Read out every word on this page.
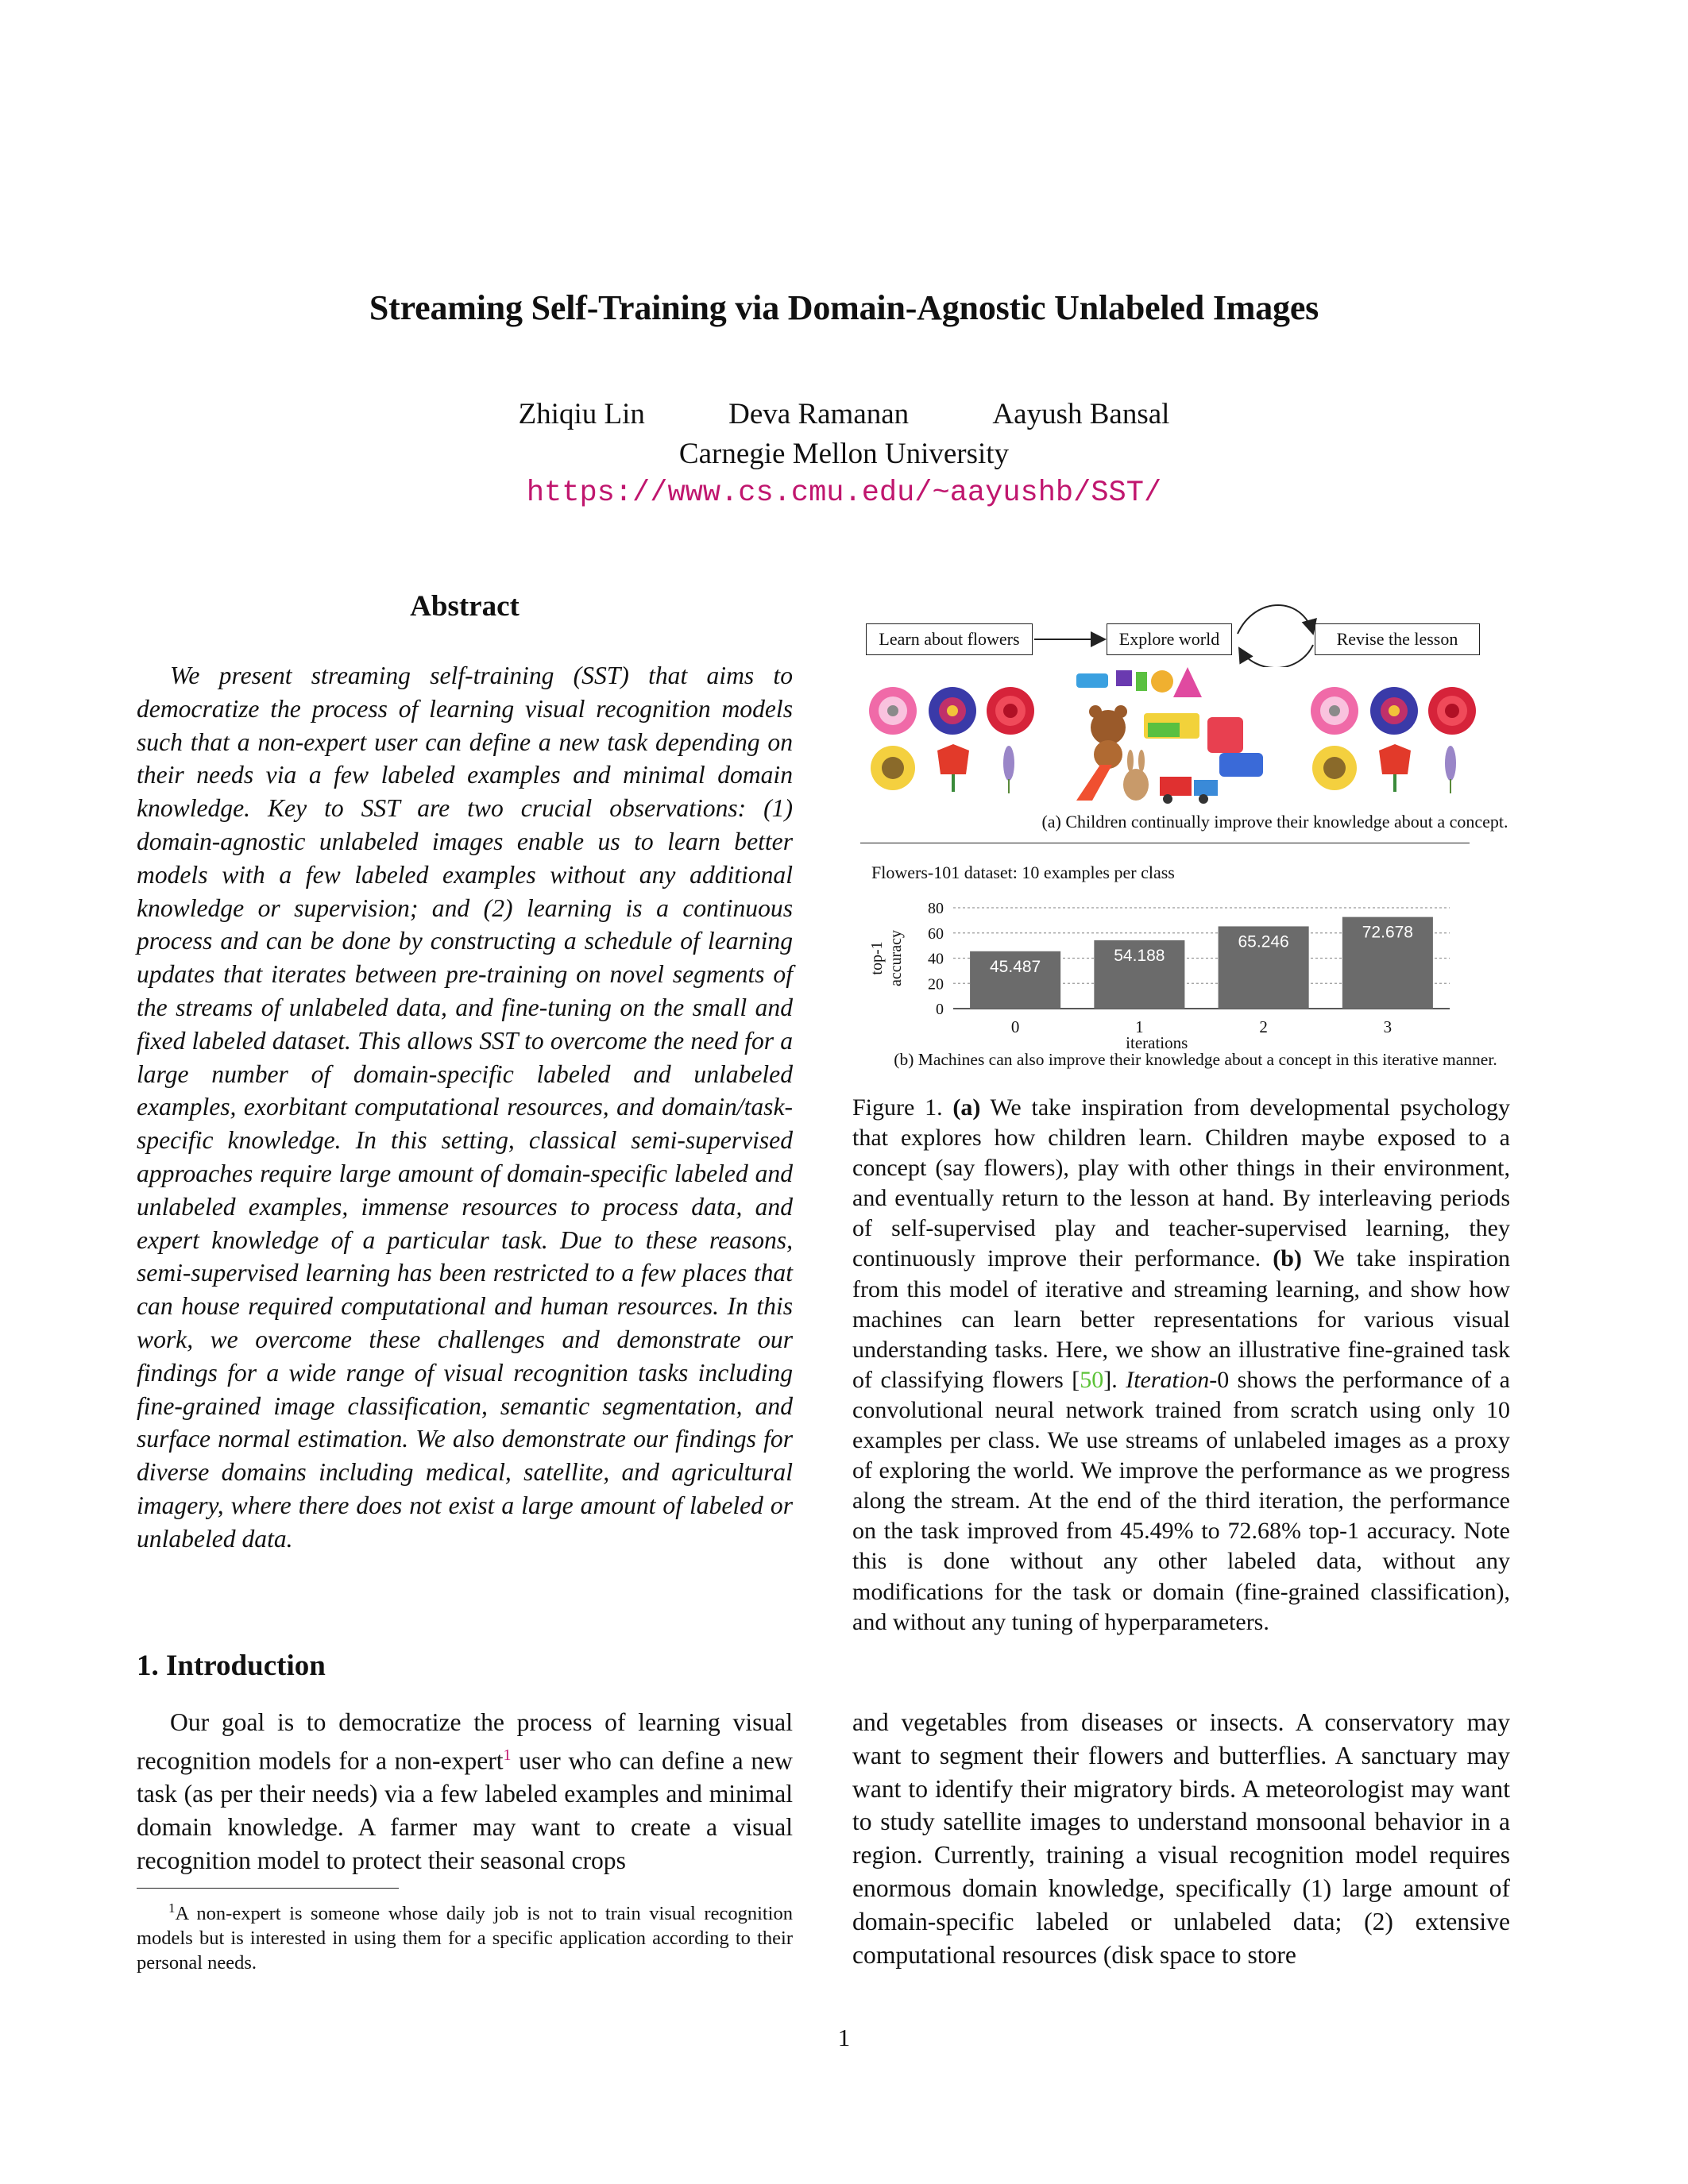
Streaming Self-Training via Domain-Agnostic Unlabeled Images
Zhiqiu Lin	Deva Ramanan	Aayush Bansal
Carnegie Mellon University
https://www.cs.cmu.edu/~aayushb/SST/
Abstract

We present streaming self-training (SST) that aims to democratize the process of learning visual recognition models such that a non-expert user can define a new task depending on their needs via a few labeled examples and minimal domain knowledge. Key to SST are two crucial observations: (1) domain-agnostic unlabeled images enable us to learn better models with a few labeled examples without any additional knowledge or supervision; and (2) learning is a continuous process and can be done by constructing a schedule of learning updates that iterates between pre-training on novel segments of the streams of unlabeled data, and fine-tuning on the small and fixed labeled dataset. This allows SST to overcome the need for a large number of domain-specific labeled and unlabeled examples, exorbitant computational resources, and domain/task-specific knowledge. In this setting, classical semi-supervised approaches require large amount of domain-specific labeled and unlabeled examples, immense resources to process data, and expert knowledge of a particular task. Due to these reasons, semi-supervised learning has been restricted to a few places that can house required computational and human resources. In this work, we overcome these challenges and demonstrate our findings for a wide range of visual recognition tasks including fine-grained image classification, semantic segmentation, and surface normal estimation. We also demonstrate our findings for diverse domains including medical, satellite, and agricultural imagery, where there does not exist a large amount of labeled or unlabeled data.

1. Introduction

Our goal is to democratize the process of learning visual recognition models for a non-expert$^1$ user who can define a new task (as per their needs) via a few labeled examples and minimal domain knowledge. A farmer may want to create a visual recognition model to protect their seasonal crops

$^1$A non-expert is someone whose daily job is not to train visual recognition models but is interested in using them for a specific application according to their personal needs.

Learn about flowers	Explore world	Revise the lesson
(a) Children continually improve their knowledge about a concept.
Flowers-101 dataset: 10 examples per class
0
20
40
60
80
45.487
0
54.188
1
65.246
2
72.678
3
iterations
top-1 accuracy
(b) Machines can also improve their knowledge about a concept in this iterative manner.

Figure 1. (a) We take inspiration from developmental psychology that explores how children learn. Children maybe exposed to a concept (say flowers), play with other things in their environment, and eventually return to the lesson at hand. By interleaving periods of self-supervised play and teacher-supervised learning, they continuously improve their performance. (b) We take inspiration from this model of iterative and streaming learning, and show how machines can learn better representations for various visual understanding tasks. Here, we show an illustrative fine-grained task of classifying flowers [50]. Iteration-0 shows the performance of a convolutional neural network trained from scratch using only 10 examples per class. We use streams of unlabeled images as a proxy of exploring the world. We improve the performance as we progress along the stream. At the end of the third iteration, the performance on the task improved from 45.49% to 72.68% top-1 accuracy. Note this is done without any other labeled data, without any modifications for the task or domain (fine-grained classification), and without any tuning of hyperparameters.

and vegetables from diseases or insects. A conservatory may want to segment their flowers and butterflies. A sanctuary may want to identify their migratory birds. A meteorologist may want to study satellite images to understand monsoonal behavior in a region. Currently, training a visual recognition model requires enormous domain knowledge, specifically (1) large amount of domain-specific labeled or unlabeled data; (2) extensive computational resources (disk space to store

1
